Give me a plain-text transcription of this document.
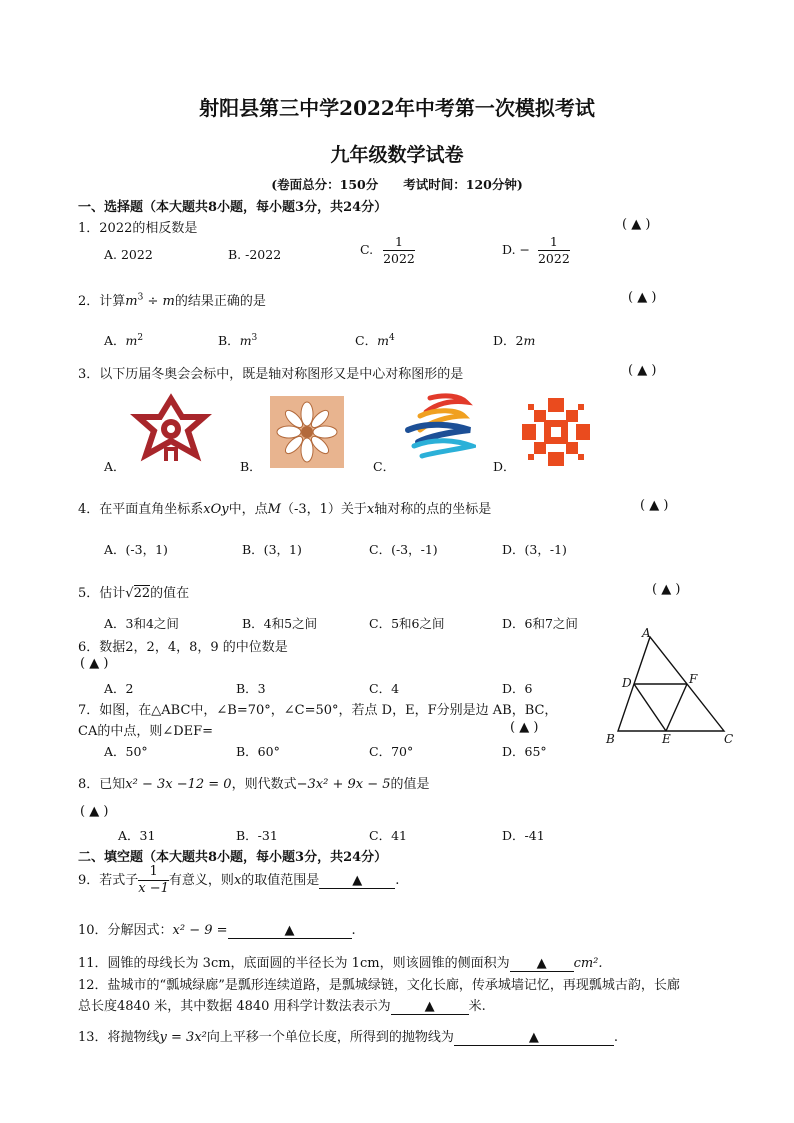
射阳县第三中学2022年中考第一次模拟考试
九年级数学试卷
(卷面总分：150分　　考试时间：120分钟)
一、选择题（本大题共8小题，每小题3分，共24分）
1．2022的相反数是	( ▲ )
A. 2022	B. -2022	C. $\frac{1}{2022}$	D. − $\frac{1}{2022}$
2．计算$m^3 \div m$的结果正确的是	( ▲ )
A．$m^2$	B．$m^3$	C．$m^4$	D．2m
3．以下历届冬奥会会标中，既是轴对称图形又是中心对称图形的是	( ▲ )
A．	B．	C．	D．
4．在平面直角坐标系xOy中，点M（-3，1）关于x轴对称的点的坐标是	( ▲ )
A．(-3，1)	B．(3，1)	C．(-3，-1)	D．(3，-1)
5．估计√22的值在	( ▲ )
A．3和4之间	B．4和5之间	C．5和6之间	D．6和7之间
6．数据2，2，4，8，9 的中位数是
( ▲ )
A．2	B．3	C．4	D．6
A
B	C
D
E
F
7．如图，在△ABC中，∠B=70°，∠C=50°，若点 D，E，F分别是边 AB，BC，
CA的中点，则∠DEF=	( ▲ )
A．50°	B．60°	C．70°	D．65°
8．已知x² − 3x −12 = 0，则代数式−3x² + 9x − 5的值是
( ▲ )
A．31	B．-31	C．41	D．-41
二、填空题（本大题共8小题，每小题3分，共24分）
9．若式子 $\frac{1}{x -1}$ 有意义，则x的取值范围是	▲	.
10．分解因式：x² − 9 =	▲	.
11．圆锥的母线长为 3cm，底面圆的半径长为 1cm，则该圆锥的侧面积为 ▲ cm².
12．盐城市的“瓢城绿廊”是瓢形连续道路，是瓢城绿链，文化长廊，传承城墙记忆，再现瓢城古韵，长廊
总长度4840 米，其中数据 4840 用科学计数法表示为	▲	米.
13．将抛物线y = 3x²向上平移一个单位长度，所得到的抛物线为	▲	.
